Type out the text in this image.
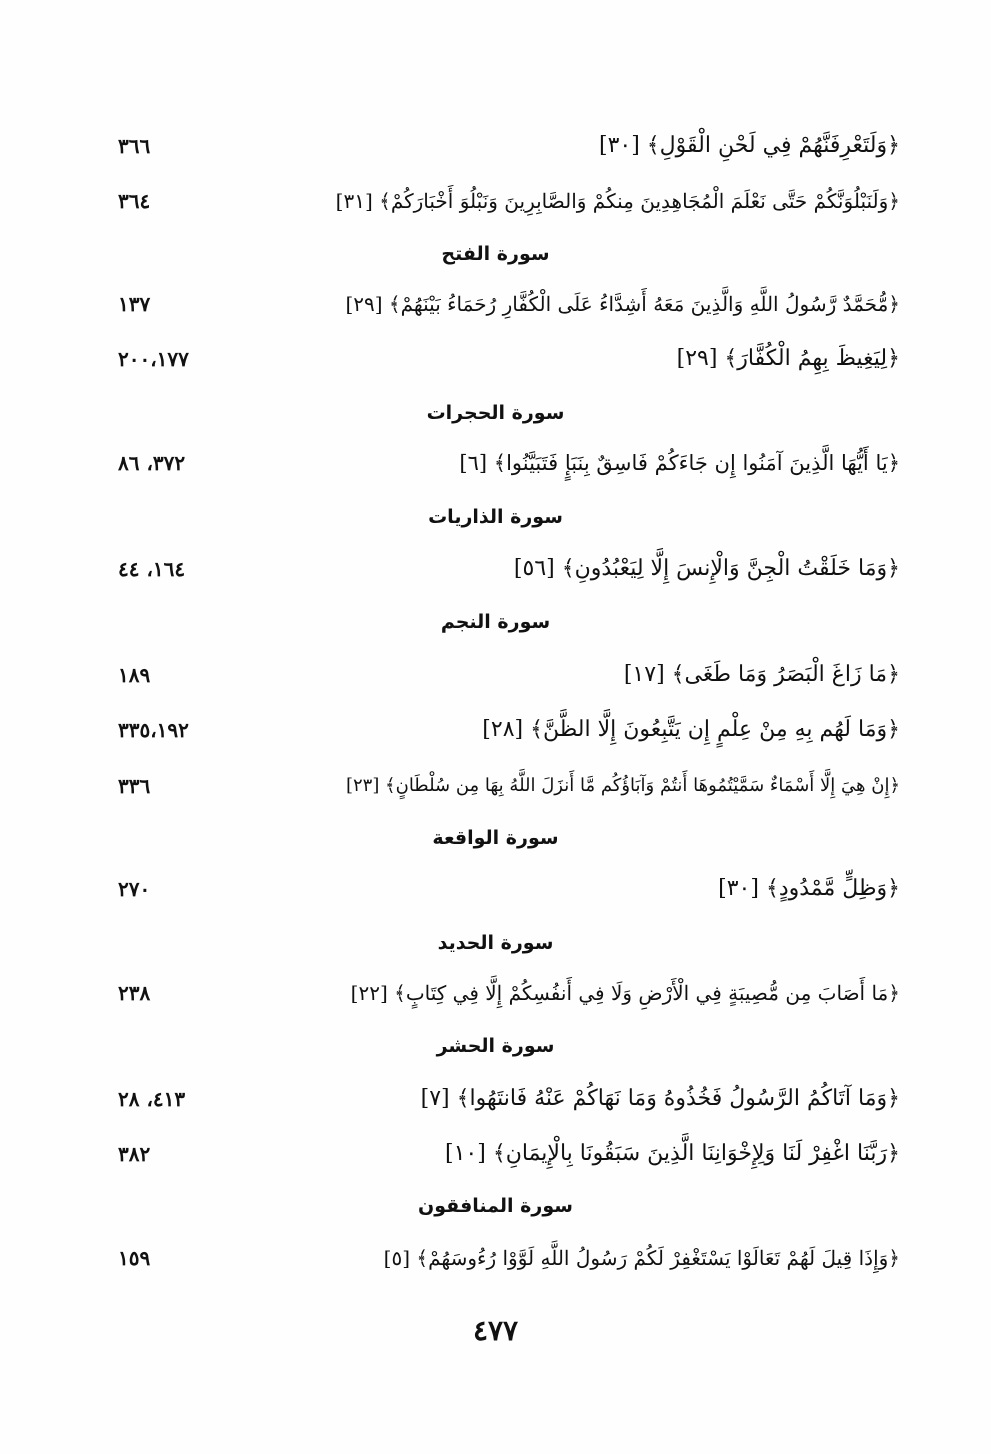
﴿وَلَتَعْرِفَنَّهُمْ فِي لَحْنِ الْقَوْلِ﴾ [٣٠]
٣٦٦
﴿وَلَنَبْلُوَنَّكُمْ حَتَّى نَعْلَمَ الْمُجَاهِدِينَ مِنكُمْ وَالصَّابِرِينَ وَنَبْلُوَ أَخْبَارَكُمْ﴾ [٣١]
٣٦٤
سورة الفتح
﴿مُّحَمَّدٌ رَّسُولُ اللَّهِ وَالَّذِينَ مَعَهُ أَشِدَّاءُ عَلَى الْكُفَّارِ رُحَمَاءُ بَيْنَهُمْ﴾ [٢٩]
١٣٧
﴿لِيَغِيظَ بِهِمُ الْكُفَّارَ﴾ [٢٩]
٢٠٠،١٧٧
سورة الحجرات
﴿يَا أَيُّهَا الَّذِينَ آمَنُوا إِن جَاءَكُمْ فَاسِقٌ بِنَبَإٍ فَتَبَيَّنُوا﴾ [٦]
٣٧٢، ٨٦
سورة الذاريات
﴿وَمَا خَلَقْتُ الْجِنَّ وَالْإِنسَ إِلَّا لِيَعْبُدُونِ﴾ [٥٦]
١٦٤، ٤٤
سورة النجم
﴿مَا زَاغَ الْبَصَرُ وَمَا طَغَى﴾ [١٧]
١٨٩
﴿وَمَا لَهُم بِهِ مِنْ عِلْمٍ إِن يَتَّبِعُونَ إِلَّا الظَّنَّ﴾ [٢٨]
٣٣٥،١٩٢
﴿إِنْ هِيَ إِلَّا أَسْمَاءٌ سَمَّيْتُمُوهَا أَنتُمْ وَآبَاؤُكُم مَّا أَنزَلَ اللَّهُ بِهَا مِن سُلْطَانٍ﴾ [٢٣]
٣٣٦
سورة الواقعة
﴿وَظِلٍّ مَّمْدُودٍ﴾ [٣٠]
٢٧٠
سورة الحديد
﴿مَا أَصَابَ مِن مُّصِيبَةٍ فِي الْأَرْضِ وَلَا فِي أَنفُسِكُمْ إِلَّا فِي كِتَابٍ﴾ [٢٢]
٢٣٨
سورة الحشر
﴿وَمَا آتَاكُمُ الرَّسُولُ فَخُذُوهُ وَمَا نَهَاكُمْ عَنْهُ فَانتَهُوا﴾ [٧]
٤١٣، ٢٨
﴿رَبَّنَا اغْفِرْ لَنَا وَلِإِخْوَانِنَا الَّذِينَ سَبَقُونَا بِالْإِيمَانِ﴾ [١٠]
٣٨٢
سورة المنافقون
﴿وَإِذَا قِيلَ لَهُمْ تَعَالَوْا يَسْتَغْفِرْ لَكُمْ رَسُولُ اللَّهِ لَوَّوْا رُءُوسَهُمْ﴾ [٥]
١٥٩
٤٧٧
